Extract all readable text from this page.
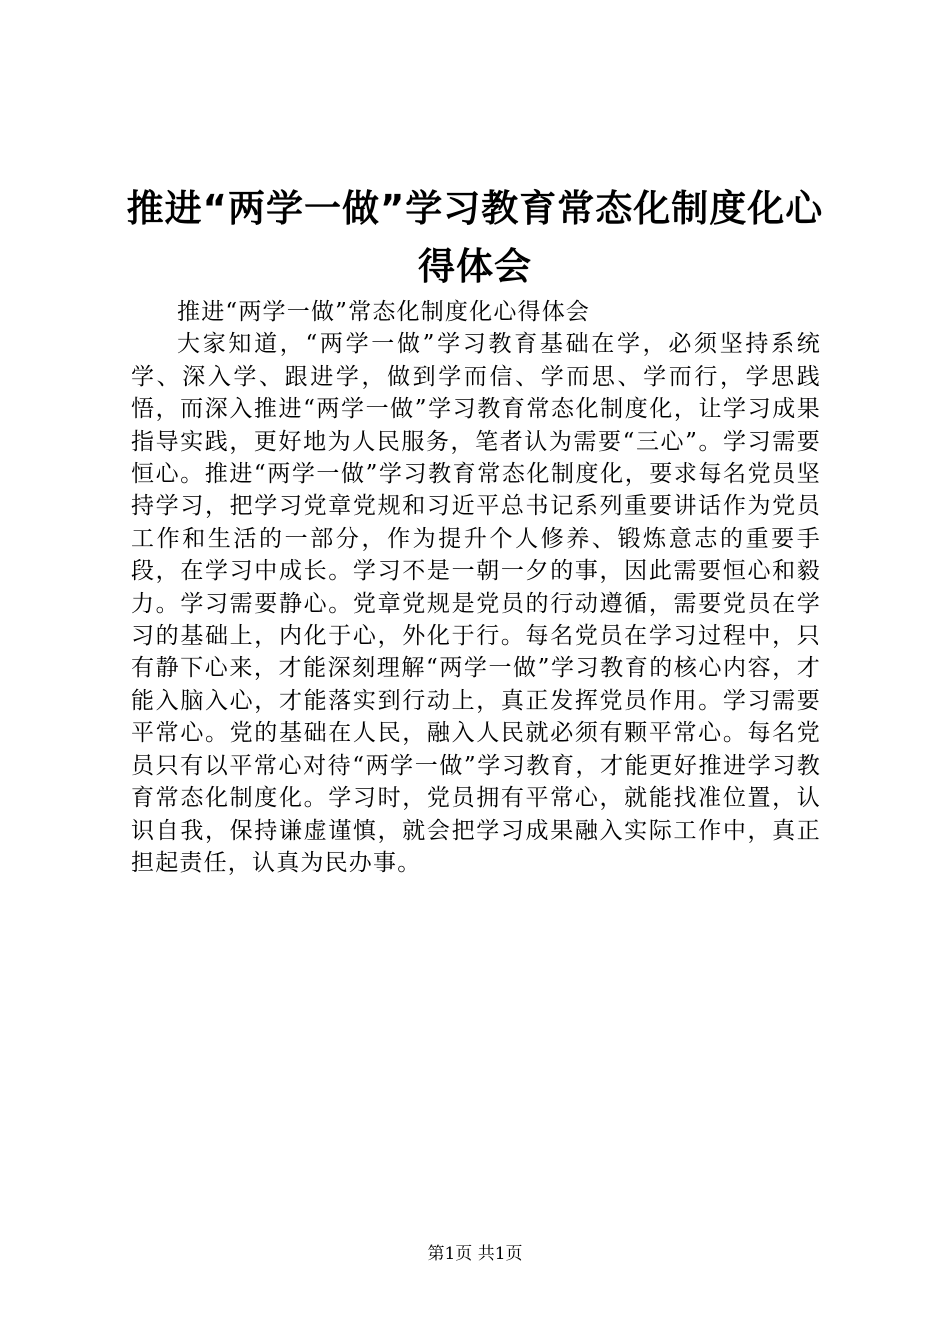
推进“两学一做”学习教育常态化制度化心得体会

推进“两学一做”常态化制度化心得体会

大家知道，“两学一做”学习教育基础在学，必须坚持系统学、深入学、跟进学，做到学而信、学而思、学而行，学思践悟，而深入推进“两学一做”学习教育常态化制度化，让学习成果指导实践，更好地为人民服务，笔者认为需要“三心”。学习需要恒心。推进“两学一做”学习教育常态化制度化，要求每名党员坚持学习，把学习党章党规和习近平总书记系列重要讲话作为党员工作和生活的一部分，作为提升个人修养、锻炼意志的重要手段，在学习中成长。学习不是一朝一夕的事，因此需要恒心和毅力。学习需要静心。党章党规是党员的行动遵循，需要党员在学习的基础上，内化于心，外化于行。每名党员在学习过程中，只有静下心来，才能深刻理解“两学一做”学习教育的核心内容，才能入脑入心，才能落实到行动上，真正发挥党员作用。学习需要平常心。党的基础在人民，融入人民就必须有颗平常心。每名党员只有以平常心对待“两学一做”学习教育，才能更好推进学习教育常态化制度化。学习时，党员拥有平常心，就能找准位置，认识自我，保持谦虚谨慎，就会把学习成果融入实际工作中，真正担起责任，认真为民办事。

第1页 共1页
